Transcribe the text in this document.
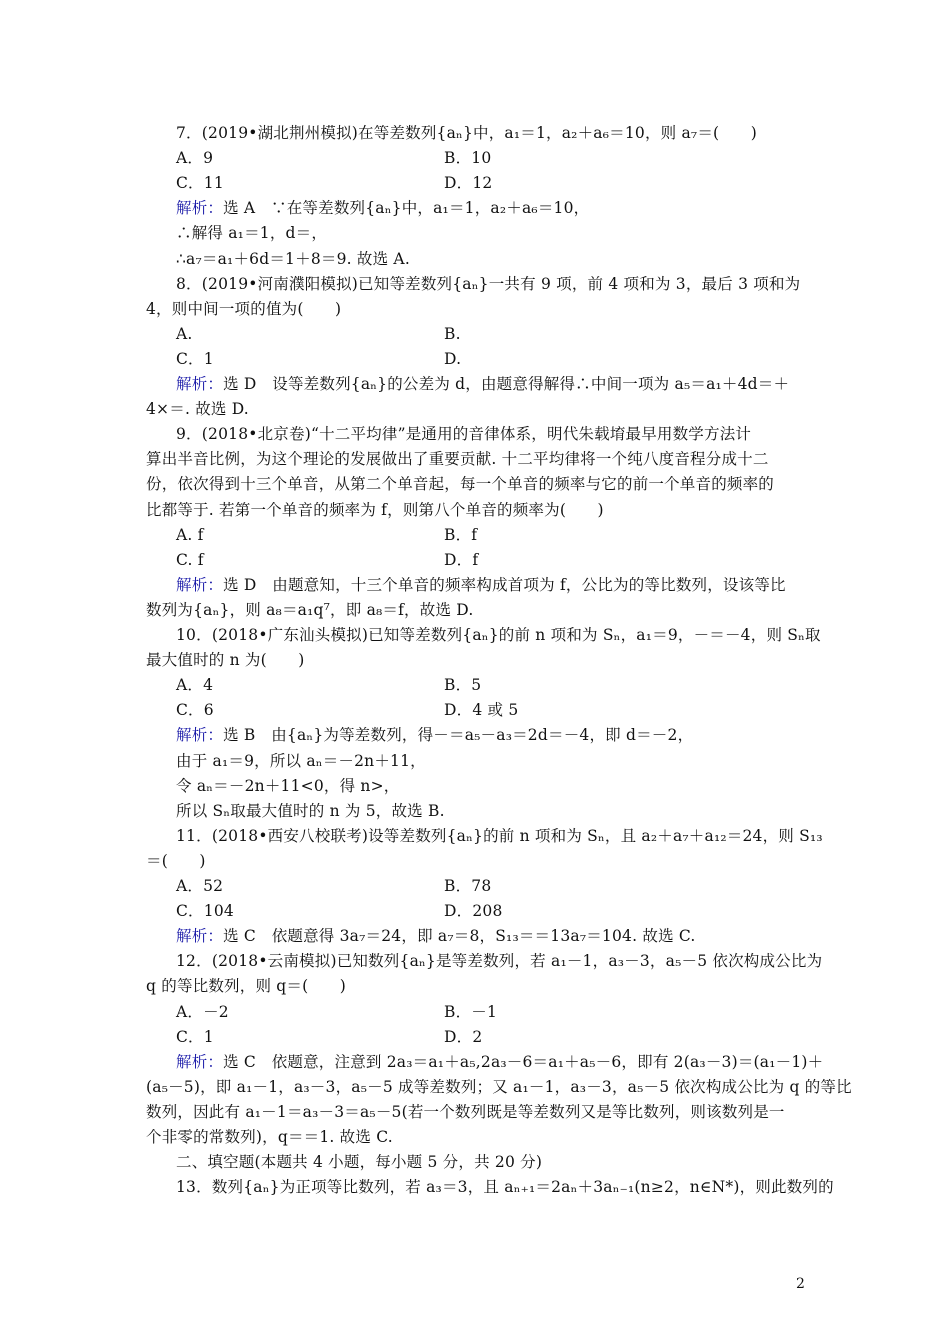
7．(2019•湖北荆州模拟)在等差数列{aₙ}中，a₁＝1，a₂＋a₆＝10，则 a₇＝(　　)
A．9	B．10
C．11	D．12
解析：选 A　∵在等差数列{aₙ}中，a₁＝1，a₂＋a₆＝10，
∴解得 a₁＝1，d＝，
∴a₇＝a₁＋6d＝1＋8＝9. 故选 A.
8．(2019•河南濮阳模拟)已知等差数列{aₙ}一共有 9 项，前 4 项和为 3，最后 3 项和为
4，则中间一项的值为(　　)
A.	B.
C．1	D.
解析：选 D　设等差数列{aₙ}的公差为 d，由题意得解得∴中间一项为 a₅＝a₁＋4d＝＋
4×＝. 故选 D.
9．(2018•北京卷)“十二平均律”是通用的音律体系，明代朱载堉最早用数学方法计
算出半音比例，为这个理论的发展做出了重要贡献. 十二平均律将一个纯八度音程分成十二
份，依次得到十三个单音，从第二个单音起，每一个单音的频率与它的前一个单音的频率的
比都等于. 若第一个单音的频率为 f，则第八个单音的频率为(　　)
A. f	B．f
C. f	D．f
解析：选 D　由题意知，十三个单音的频率构成首项为 f，公比为的等比数列，设该等比
数列为{aₙ}，则 a₈＝a₁q⁷，即 a₈＝f，故选 D.
10．(2018•广东汕头模拟)已知等差数列{aₙ}的前 n 项和为 Sₙ，a₁＝9，－＝－4，则 Sₙ取
最大值时的 n 为(　　)
A．4	B．5
C．6	D．4 或 5
解析：选 B　由{aₙ}为等差数列，得－＝a₅－a₃＝2d＝－4，即 d＝－2，
由于 a₁＝9，所以 aₙ＝－2n＋11，
令 aₙ＝－2n＋11<0，得 n>，
所以 Sₙ取最大值时的 n 为 5，故选 B.
11．(2018•西安八校联考)设等差数列{aₙ}的前 n 项和为 Sₙ，且 a₂＋a₇＋a₁₂＝24，则 S₁₃
＝(　　)
A．52	B．78
C．104	D．208
解析：选 C　依题意得 3a₇＝24，即 a₇＝8，S₁₃＝＝13a₇＝104. 故选 C.
12．(2018•云南模拟)已知数列{aₙ}是等差数列，若 a₁－1，a₃－3，a₅－5 依次构成公比为
q 的等比数列，则 q＝(　　)
A．－2	B．－1
C．1	D．2
解析：选 C　依题意，注意到 2a₃＝a₁＋a₅,2a₃－6＝a₁＋a₅－6，即有 2(a₃－3)＝(a₁－1)＋
(a₅－5)，即 a₁－1，a₃－3，a₅－5 成等差数列；又 a₁－1，a₃－3，a₅－5 依次构成公比为 q 的等比
数列，因此有 a₁－1＝a₃－3＝a₅－5(若一个数列既是等差数列又是等比数列，则该数列是一
个非零的常数列)，q＝＝1. 故选 C.
二、填空题(本题共 4 小题，每小题 5 分，共 20 分)
13．数列{aₙ}为正项等比数列，若 a₃＝3，且 aₙ₊₁＝2aₙ＋3aₙ₋₁(n≥2，n∈N*)，则此数列的
2
